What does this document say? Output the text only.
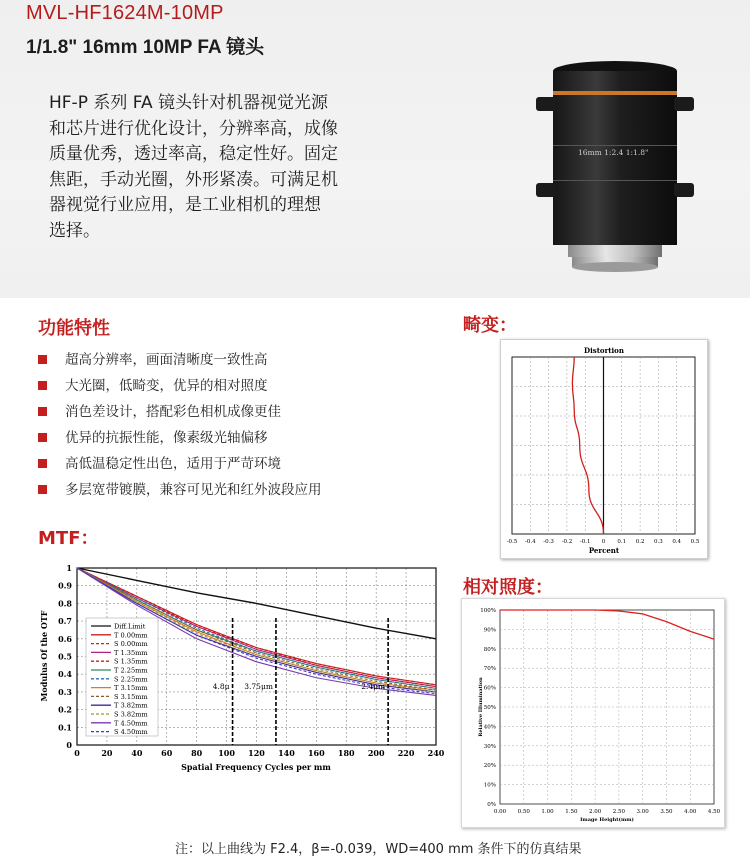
MVL-HF1624M-10MP
1/1.8" 16mm 10MP FA 镜头
HF-P 系列 FA 镜头针对机器视觉光源
和芯片进行优化设计，分辨率高，成像
质量优秀，透过率高，稳定性好。固定
焦距，手动光圈，外形紧凑。可满足机
器视觉行业应用，是工业相机的理想
选择。
16mm 1:2.4 1:1.8"
功能特性
超高分辨率，画面清晰度一致性高
大光圈，低畸变，优异的相对照度
消色差设计，搭配彩色相机成像更佳
优异的抗振性能，像素级光轴偏移
高低温稳定性出色，适用于严苛环境
多层宽带镀膜，兼容可见光和红外波段应用
畸变：
Distortion
-0.5 -0.4 -0.3 -0.2 -0.1 0 0.1 0.2 0.3 0.4 0.5
Percent
MTF：
0
0.1
0.2
0.3
0.4
0.5
0.6
0.7
0.8
0.9
1
0	20 40 60 80 100 120 140 160 180 200 220 240
4.8μ 3.75μm	2.4μm
Diff.Limit
T 0.00mm
S 0.00mm
T 1.35mm
S 1.35mm
T 2.25mm
S 2.25mm
T 3.15mm
S 3.15mm
T 3.82mm
S 3.82mm
T 4.50mm
S 4.50mm
Modulus Of the OTF
Spatial Frequency Cycles per mm
相对照度：
0%
10%
20%
30%
40%
50%
60%
70%
80%
90%
100%
0.00 0.50 1.00 1.50 2.00 2.50 3.00 3.50 4.00 4.50
Relative Illumination
Image Height(mm)
注：以上曲线为 F2.4，β=-0.039，WD=400 mm 条件下的仿真结果
